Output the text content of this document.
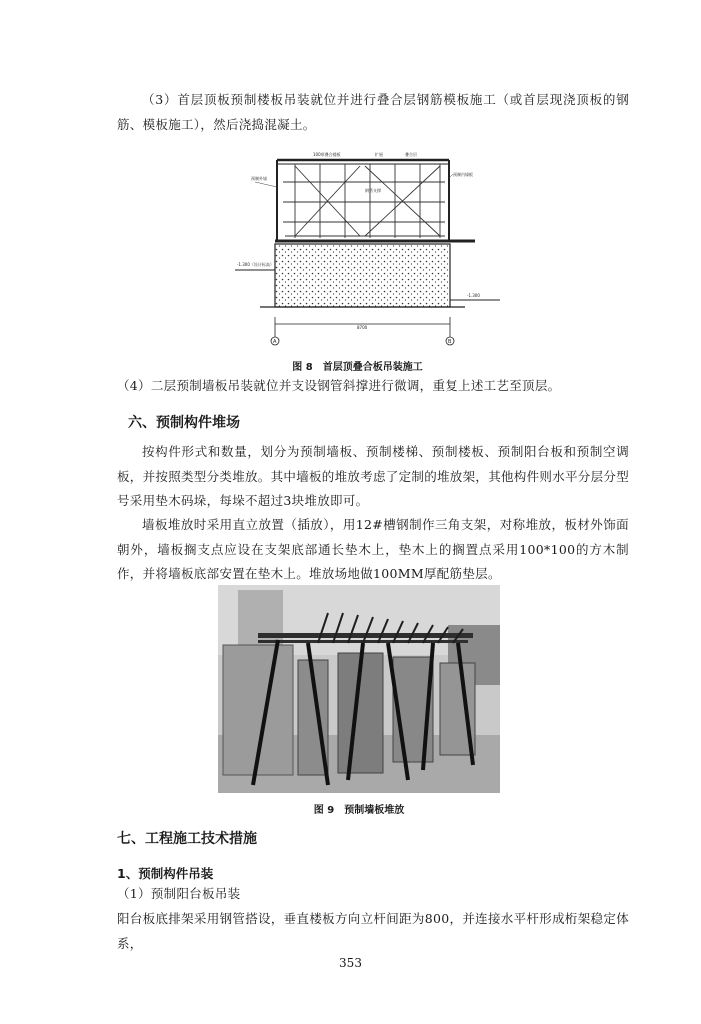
（3）首层顶板预制楼板吊装就位并进行叠合层钢筋模板施工（或首层现浇顶板的钢筋、模板施工），然后浇捣混凝土。

100厚叠合楼板	扩展	叠合层
预制外墙
钢管支撑
预制内墙板
-1.300（设计标高）
-1.300
8700
A	B

图 8　首层顶叠合板吊装施工

（4）二层预制墙板吊装就位并支设钢管斜撑进行微调，重复上述工艺至顶层。

六、预制构件堆场

按构件形式和数量，划分为预制墙板、预制楼梯、预制楼板、预制阳台板和预制空调板，并按照类型分类堆放。其中墙板的堆放考虑了定制的堆放架，其他构件则水平分层分型号采用垫木码垛，每垛不超过3块堆放即可。

墙板堆放时采用直立放置（插放），用12#槽钢制作三角支架，对称堆放，板材外饰面朝外，墙板搁支点应设在支架底部通长垫木上，垫木上的搁置点采用100*100的方木制作，并将墙板底部安置在垫木上。堆放场地做100MM厚配筋垫层。

图 9　预制墙板堆放

七、工程施工技术措施

1、预制构件吊装

（1）预制阳台板吊装

阳台板底排架采用钢管搭设，垂直楼板方向立杆间距为800，并连接水平杆形成桁架稳定体系，

353
